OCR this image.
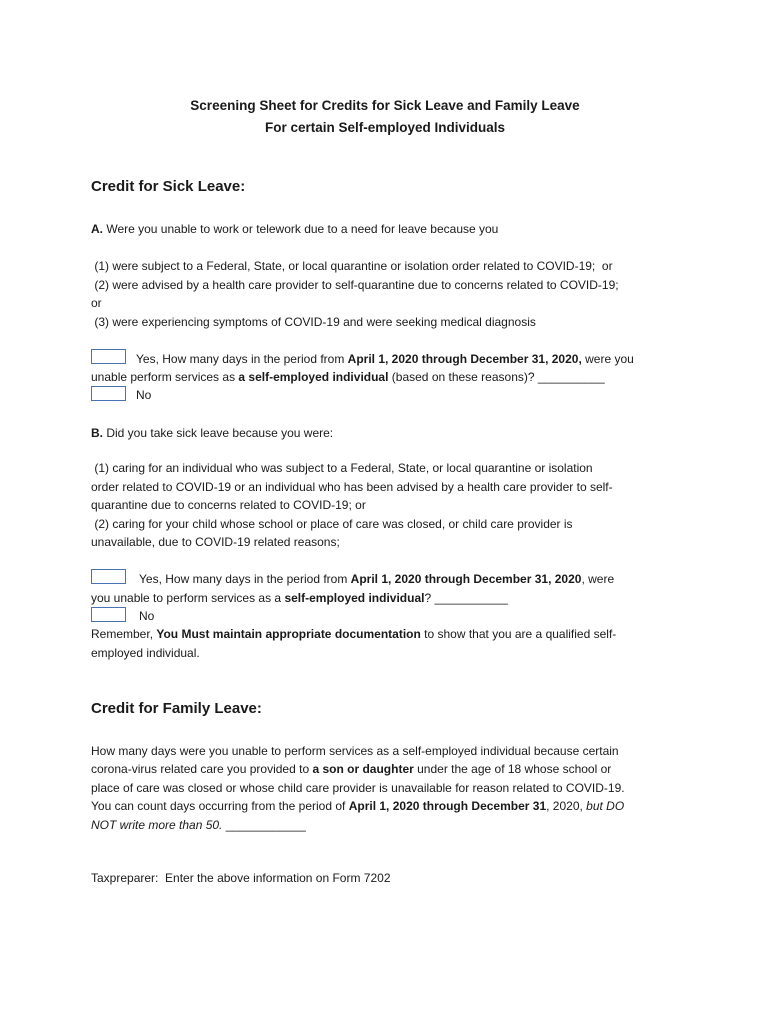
Screening Sheet for Credits for Sick Leave and Family Leave
For certain Self-employed Individuals
Credit for Sick Leave:
A. Were you unable to work or telework due to a need for leave because you
(1) were subject to a Federal, State, or local quarantine or isolation order related to COVID-19;  or
(2) were advised by a health care provider to self-quarantine due to concerns related to COVID-19;
or
(3) were experiencing symptoms of COVID-19 and were seeking medical diagnosis
Yes, How many days in the period from April 1, 2020 through December 31, 2020, were you
unable perform services as a self-employed individual (based on these reasons)? __________
No
B. Did you take sick leave because you were:
(1) caring for an individual who was subject to a Federal, State, or local quarantine or isolation
order related to COVID-19 or an individual who has been advised by a health care provider to self-
quarantine due to concerns related to COVID-19; or
(2) caring for your child whose school or place of care was closed, or child care provider is
unavailable, due to COVID-19 related reasons;
Yes, How many days in the period from April 1, 2020 through December 31, 2020, were
you unable to perform services as a self-employed individual? ___________
No
Remember, You Must maintain appropriate documentation to show that you are a qualified self-
employed individual.
Credit for Family Leave:
How many days were you unable to perform services as a self-employed individual because certain
corona-virus related care you provided to a son or daughter under the age of 18 whose school or
place of care was closed or whose child care provider is unavailable for reason related to COVID-19.
You can count days occurring from the period of April 1, 2020 through December 31, 2020, but DO
NOT write more than 50. ____________
Taxpreparer:  Enter the above information on Form 7202
